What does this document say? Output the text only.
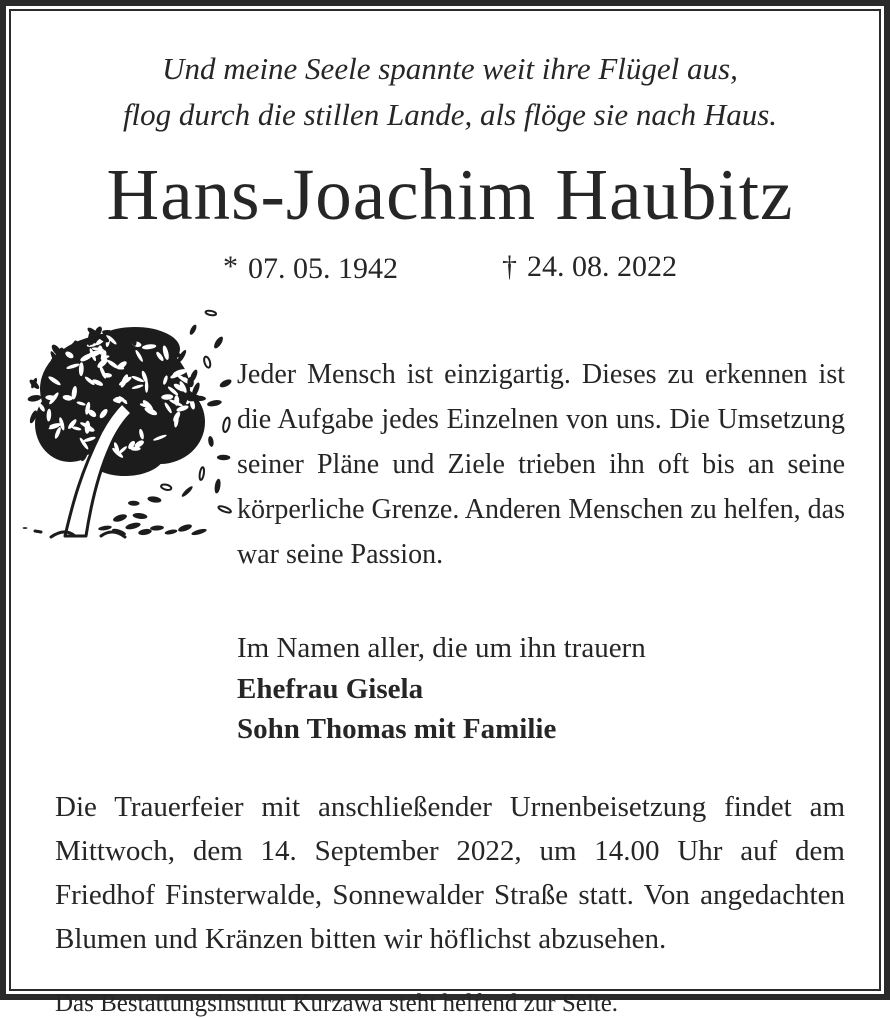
Und meine Seele spannte weit ihre Flügel aus,
flog durch die stillen Lande, als flöge sie nach Haus.
Hans-Joachim Haubitz
* 07. 05. 1942	† 24. 08. 2022

Jeder Mensch ist einzigartig. Dieses zu erkennen ist die Aufgabe jedes Einzelnen von uns. Die Umsetzung seiner Pläne und Ziele trieben ihn oft bis an seine körperliche Grenze. Anderen Menschen zu helfen, das war seine Passion.

Im Namen aller, die um ihn trauern
Ehefrau Gisela
Sohn Thomas mit Familie

Die Trauerfeier mit anschließender Urnenbeisetzung findet am Mittwoch, dem 14. September 2022, um 14.00 Uhr auf dem Friedhof Finsterwalde, Sonnewalder Straße statt. Von angedachten Blumen und Kränzen bitten wir höflichst abzusehen.

Das Bestattungsinstitut Kurzawa steht helfend zur Seite.
